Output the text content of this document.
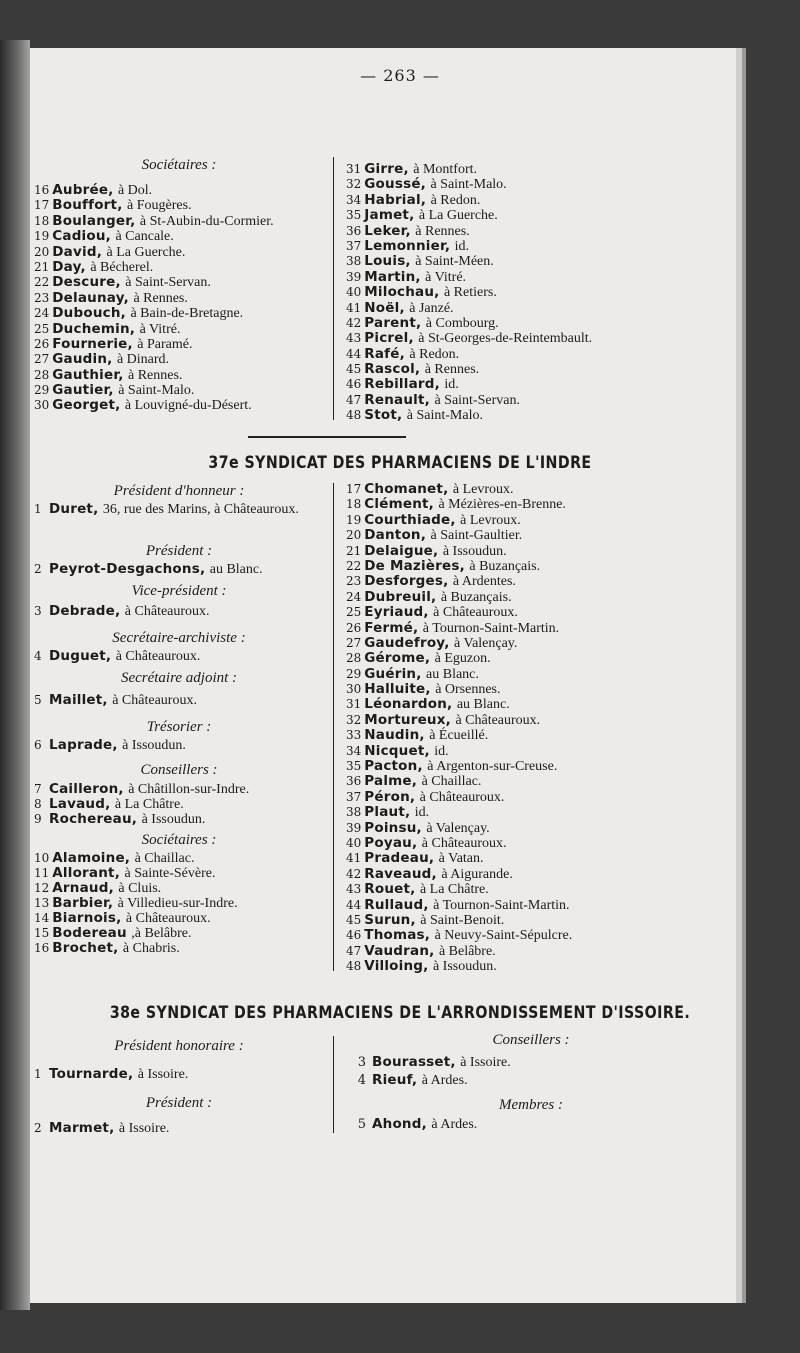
— 263 —
Sociétaires :
16 Aubrée, à Dol.
17 Bouffort, à Fougères.
18 Boulanger, à St-Aubin-du-Cormier.
19 Cadiou, à Cancale.
20 David, à La Guerche.
21 Day, à Bécherel.
22 Descure, à Saint-Servan.
23 Delaunay, à Rennes.
24 Dubouch, à Bain-de-Bretagne.
25 Duchemin, à Vitré.
26 Fournerie, à Paramé.
27 Gaudin, à Dinard.
28 Gauthier, à Rennes.
29 Gautier, à Saint-Malo.
30 Georget, à Louvigné-du-Désert.
31 Girre, à Montfort.
32 Goussé, à Saint-Malo.
34 Habrial, à Redon.
35 Jamet, à La Guerche.
36 Leker, à Rennes.
37 Lemonnier, id.
38 Louis, à Saint-Méen.
39 Martin, à Vitré.
40 Milochau, à Retiers.
41 Noël, à Janzé.
42 Parent, à Combourg.
43 Picrel, à St-Georges-de-Reintembault.
44 Rafé, à Redon.
45 Rascol, à Rennes.
46 Rebillard, id.
47 Renault, à Saint-Servan.
48 Stot, à Saint-Malo.
37e SYNDICAT DES PHARMACIENS DE L'INDRE
Président d'honneur :
1 Duret, 36, rue des Marins, à Châteauroux.
Président :
2 Peyrot-Desgachons, au Blanc.
Vice-président :
3 Debrade, à Châteauroux.
Secrétaire-archiviste :
4 Duguet, à Châteauroux.
Secrétaire adjoint :
5 Maillet, à Châteauroux.
Trésorier :
6 Laprade, à Issoudun.
Conseillers :
7 Cailleron, à Châtillon-sur-Indre.
8 Lavaud, à La Châtre.
9 Rochereau, à Issoudun.
Sociétaires :
10 Alamoine, à Chaillac.
11 Allorant, à Sainte-Sévère.
12 Arnaud, à Cluis.
13 Barbier, à Villedieu-sur-Indre.
14 Biarnois, à Châteauroux.
15 Bodereau ,à Belâbre.
16 Brochet, à Chabris.
17 Chomanet, à Levroux.
18 Clément, à Mézières-en-Brenne.
19 Courthiade, à Levroux.
20 Danton, à Saint-Gaultier.
21 Delaigue, à Issoudun.
22 De Mazières, à Buzançais.
23 Desforges, à Ardentes.
24 Dubreuil, à Buzançais.
25 Eyriaud, à Châteauroux.
26 Fermé, à Tournon-Saint-Martin.
27 Gaudefroy, à Valençay.
28 Gérome, à Eguzon.
29 Guérin, au Blanc.
30 Halluite, à Orsennes.
31 Léonardon, au Blanc.
32 Mortureux, à Châteauroux.
33 Naudin, à Écueillé.
34 Nicquet, id.
35 Pacton, à Argenton-sur-Creuse.
36 Palme, à Chaillac.
37 Péron, à Châteauroux.
38 Plaut, id.
39 Poinsu, à Valençay.
40 Poyau, à Châteauroux.
41 Pradeau, à Vatan.
42 Raveaud, à Aigurande.
43 Rouet, à La Châtre.
44 Rullaud, à Tournon-Saint-Martin.
45 Surun, à Saint-Benoit.
46 Thomas, à Neuvy-Saint-Sépulcre.
47 Vaudran, à Belâbre.
48 Villoing, à Issoudun.
38e SYNDICAT DES PHARMACIENS DE L'ARRONDISSEMENT D'ISSOIRE.
Président honoraire :
1 Tournarde, à Issoire.
Président :
2 Marmet, à Issoire.
Conseillers :
3 Bourasset, à Issoire.
4 Rieuf, à Ardes.
Membres :
5 Ahond, à Ardes.
